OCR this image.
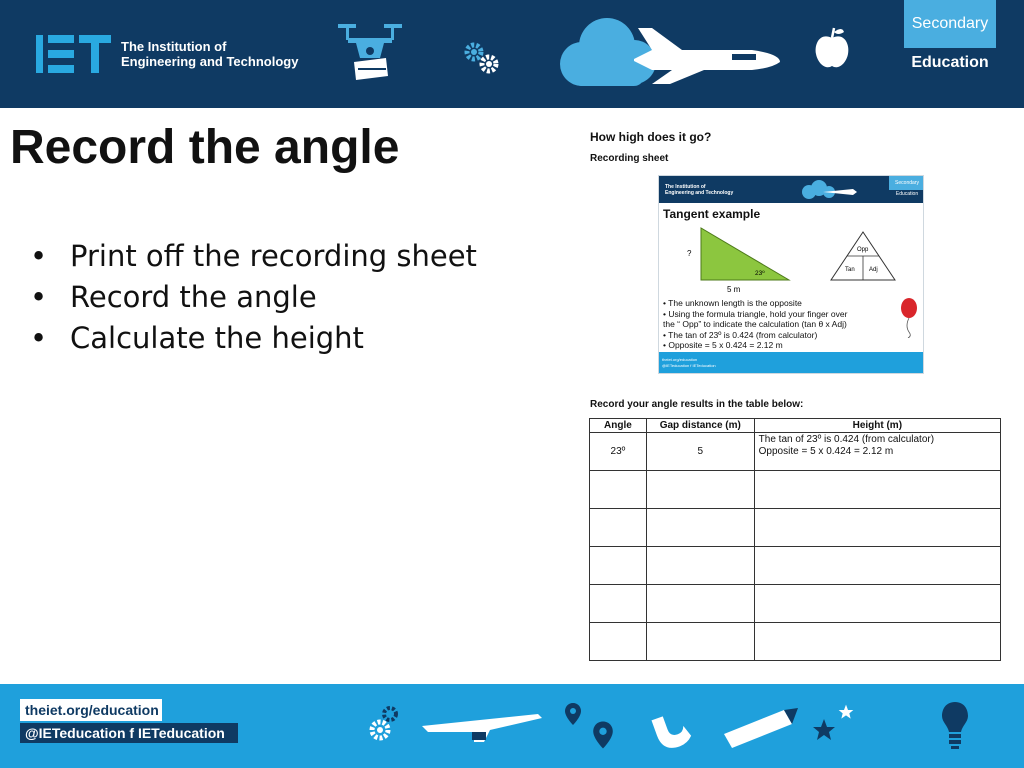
The Institution of
Engineering and Technology
Secondary
Education
Record the angle
• Print off the recording sheet
• Record the angle
• Calculate the height
How high does it go?
Recording sheet
The Institution of
Engineering and Technology
Secondary
Education
Tangent example
?
23º
5 m
Opp
Tan Adj
• The unknown length is the opposite
• Using the formula triangle, hold your finger over
the “ Opp” to indicate the calculation (tan θ x Adj)
• The tan of 23º is 0.424 (from calculator)
• Opposite = 5 x 0.424 = 2.12 m
theiet.org/education
@IETeducation f IETeducation
Record your angle results in the table below:
Angle	Gap distance (m)	Height (m)
23º	5	The tan of 23º is 0.424 (from calculator)
Opposite = 5 x 0.424 = 2.12 m

theiet.org/education
@IETeducation f IETeducation
